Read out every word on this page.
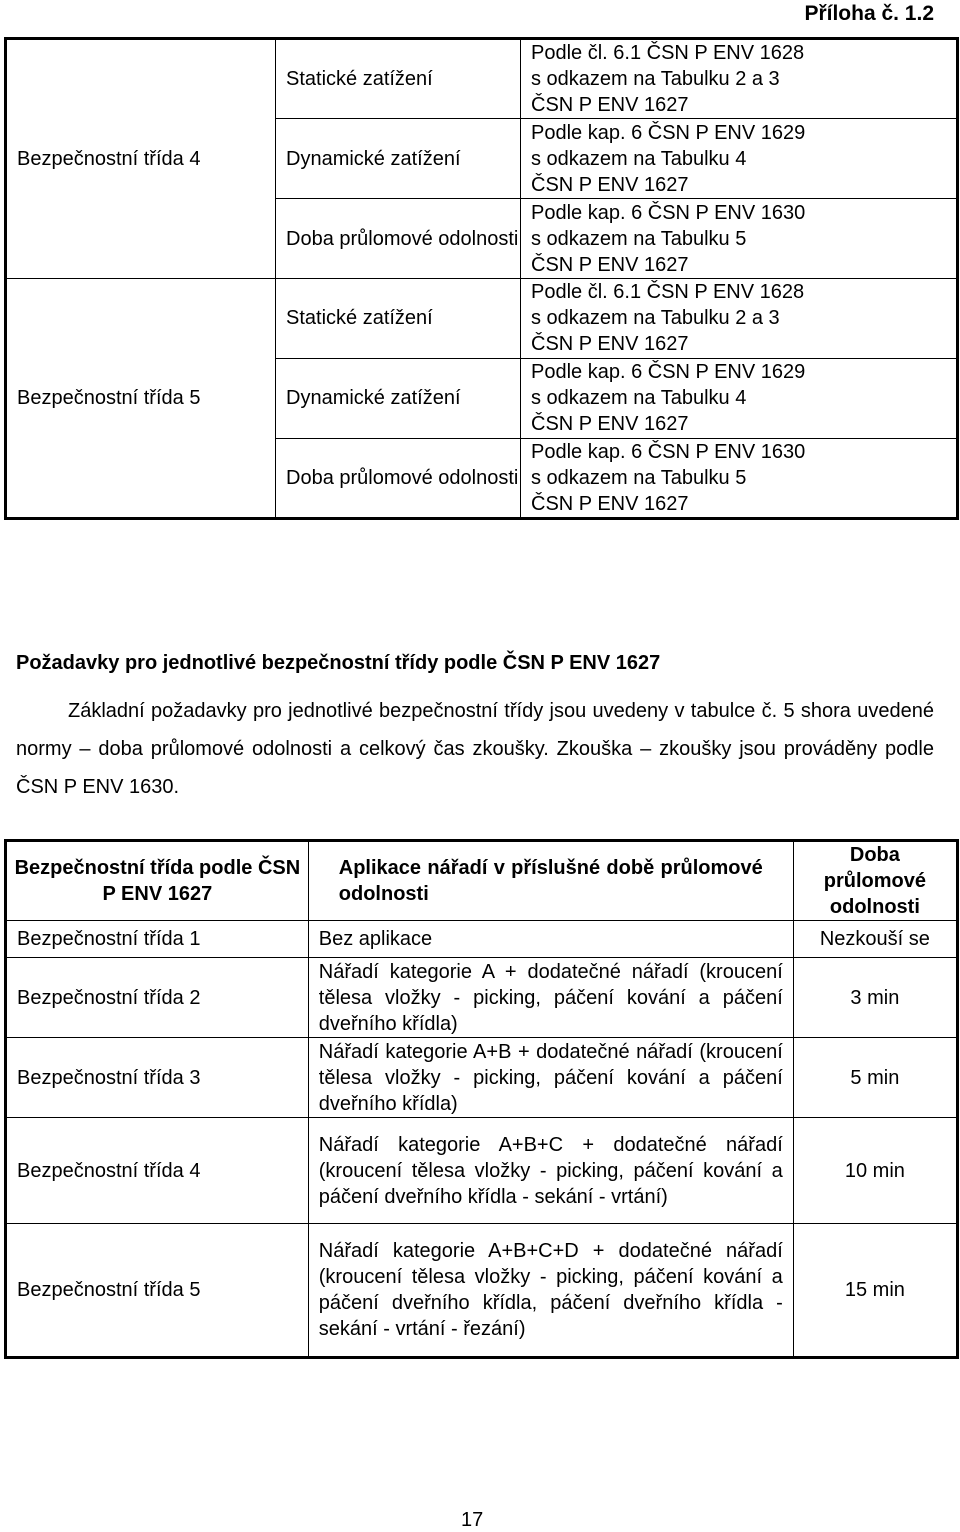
Příloha č. 1.2
Bezpečnostní třída 4	Statické zatížení	Podle čl. 6.1 ČSN P ENV 1628
s odkazem na Tabulku 2 a 3
ČSN P ENV 1627

	Dynamické zatížení	Podle kap. 6 ČSN P ENV 1629
s odkazem na Tabulku 4
ČSN P ENV 1627

	Doba průlomové odolnosti	Podle kap. 6 ČSN P ENV 1630
s odkazem na Tabulku 5
ČSN P ENV 1627

Bezpečnostní třída 5	Statické zatížení	Podle čl. 6.1 ČSN P ENV 1628
s odkazem na Tabulku 2 a 3
ČSN P ENV 1627

	Dynamické zatížení	Podle kap. 6 ČSN P ENV 1629
s odkazem na Tabulku 4
ČSN P ENV 1627

	Doba průlomové odolnosti	Podle kap. 6 ČSN P ENV 1630
s odkazem na Tabulku 5
ČSN P ENV 1627
Požadavky pro jednotlivé bezpečnostní třídy podle ČSN P ENV 1627
Základní požadavky pro jednotlivé bezpečnostní třídy jsou uvedeny v tabulce č. 5 shora uvedené normy – doba průlomové odolnosti a celkový čas zkoušky. Zkouška – zkoušky jsou prováděny podle ČSN P ENV 1630.
Bezpečnostní třída podle ČSN P ENV 1627	Aplikace nářadí v příslušné době průlomové odolnosti	Doba průlomové odolnosti
Bezpečnostní třída 1	Bez aplikace	Nezkouší se
Bezpečnostní třída 2	Nářadí kategorie A + dodatečné nářadí (kroucení tělesa vložky - picking, páčení kování a páčení dveřního křídla)	3 min
Bezpečnostní třída 3	Nářadí kategorie A+B + dodatečné nářadí (kroucení tělesa vložky - picking, páčení kování a páčení dveřního křídla)	5 min
Bezpečnostní třída 4	Nářadí kategorie A+B+C + dodatečné nářadí (kroucení tělesa vložky - picking, páčení kování a páčení dveřního křídla - sekání - vrtání)	10 min
Bezpečnostní třída 5	Nářadí kategorie A+B+C+D + dodatečné nářadí (kroucení tělesa vložky - picking, páčení kování a páčení dveřního křídla, páčení dveřního křídla - sekání - vrtání - řezání)	15 min
17
